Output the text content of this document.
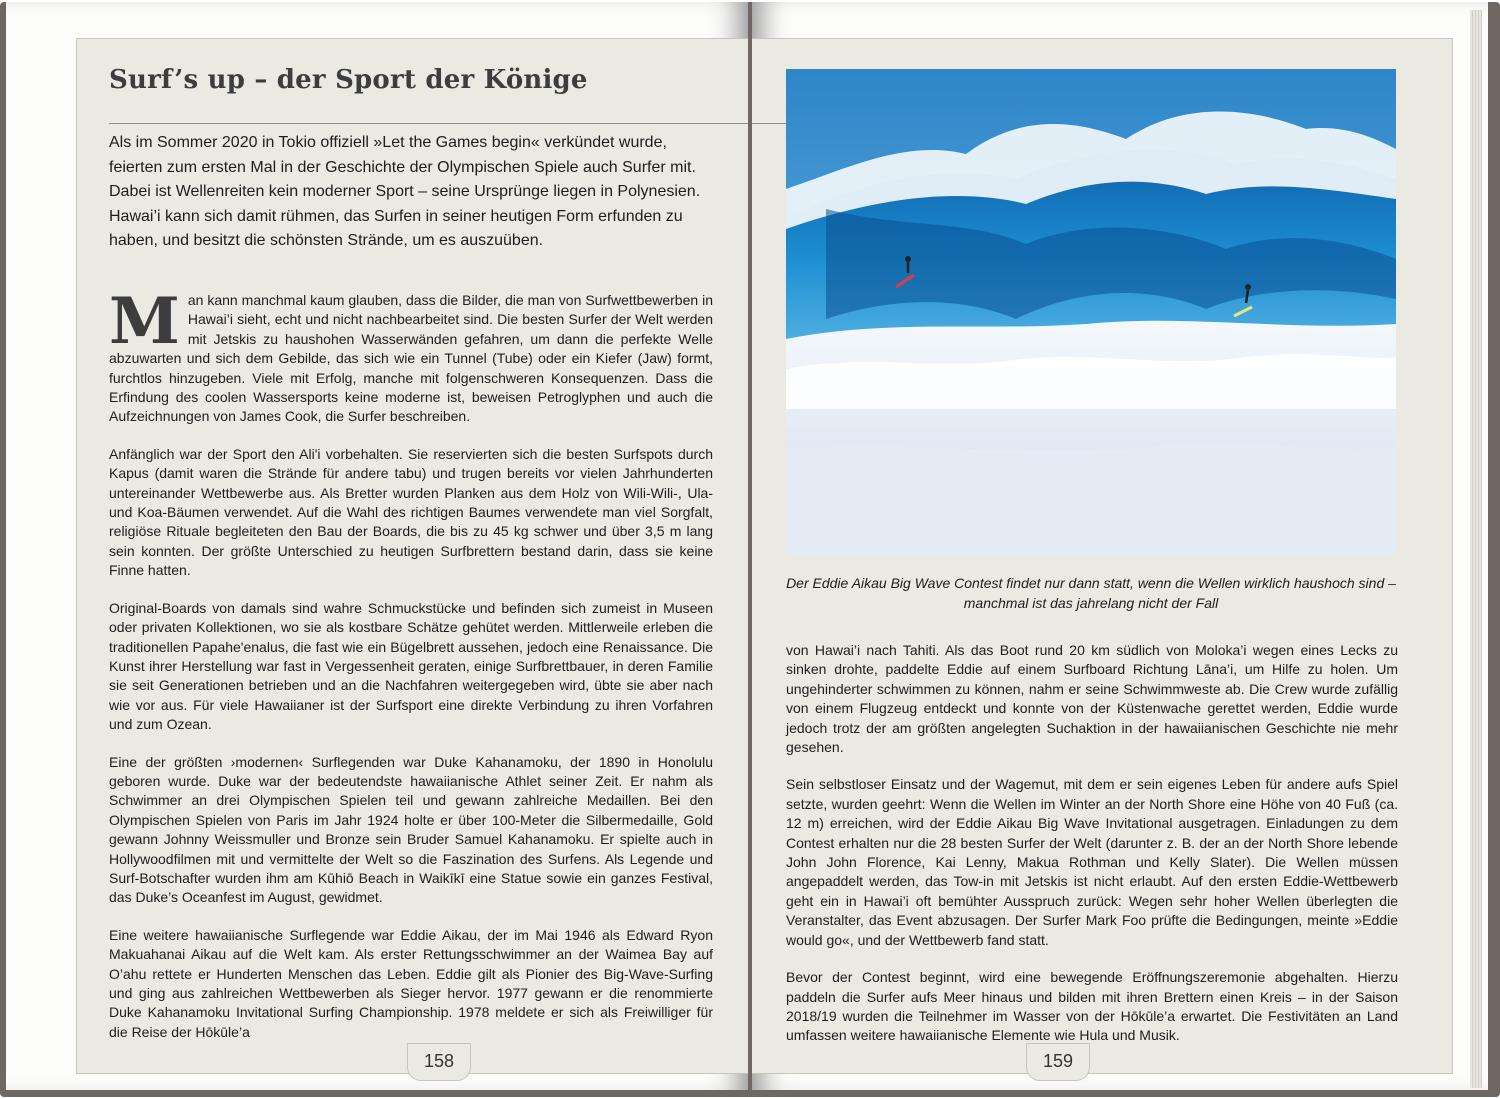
Surf’s up – der Sport der Könige

Als im Sommer 2020 in Tokio offiziell »Let the Games begin« verkündet wurde, feierten zum ersten Mal in der Geschichte der Olympischen Spiele auch Surfer mit. Dabei ist Wellenreiten kein moderner Sport – seine Ursprünge liegen in Polynesien. Hawai’i kann sich damit rühmen, das Surfen in seiner heutigen Form erfunden zu haben, und besitzt die schönsten Strände, um es auszuüben.

Man kann manchmal kaum glauben, dass die Bilder, die man von Surfwettbewerben in Hawai’i sieht, echt und nicht nachbearbeitet sind. Die besten Surfer der Welt werden mit Jetskis zu haushohen Wasserwänden gefahren, um dann die perfekte Welle abzuwarten und sich dem Gebilde, das sich wie ein Tunnel (Tube) oder ein Kiefer (Jaw) formt, furchtlos hinzugeben. Viele mit Erfolg, manche mit folgenschweren Konsequenzen. Dass die Erfindung des coolen Wassersports keine moderne ist, beweisen Petroglyphen und auch die Aufzeichnungen von James Cook, die Surfer beschreiben.

Anfänglich war der Sport den Ali'i vorbehalten. Sie reservierten sich die besten Surfspots durch Kapus (damit waren die Strände für andere tabu) und trugen bereits vor vielen Jahrhunderten untereinander Wettbewerbe aus. Als Bretter wurden Planken aus dem Holz von Wili-Wili-, Ula- und Koa-Bäumen verwendet. Auf die Wahl des richtigen Baumes verwendete man viel Sorgfalt, religiöse Rituale begleiteten den Bau der Boards, die bis zu 45 kg schwer und über 3,5 m lang sein konnten. Der größte Unterschied zu heutigen Surfbrettern bestand darin, dass sie keine Finne hatten.

Original-Boards von damals sind wahre Schmuckstücke und befinden sich zumeist in Museen oder privaten Kollektionen, wo sie als kostbare Schätze gehütet werden. Mittlerweile erleben die traditionellen Papahe'enalus, die fast wie ein Bügelbrett aussehen, jedoch eine Renaissance. Die Kunst ihrer Herstellung war fast in Vergessenheit geraten, einige Surfbrettbauer, in deren Familie sie seit Generationen betrieben und an die Nachfahren weitergegeben wird, übte sie aber nach wie vor aus. Für viele Hawaiianer ist der Surfsport eine direkte Verbindung zu ihren Vorfahren und zum Ozean.

Eine der größten ›modernen‹ Surflegenden war Duke Kahanamoku, der 1890 in Honolulu geboren wurde. Duke war der bedeutendste hawaiianische Athlet seiner Zeit. Er nahm als Schwimmer an drei Olympischen Spielen teil und gewann zahlreiche Medaillen. Bei den Olympischen Spielen von Paris im Jahr 1924 holte er über 100-Meter die Silbermedaille, Gold gewann Johnny Weissmuller und Bronze sein Bruder Samuel Kahanamoku. Er spielte auch in Hollywoodfilmen mit und vermittelte der Welt so die Faszination des Surfens. Als Legende und Surf-Botschafter wurden ihm am Kūhiō Beach in Waikīkī eine Statue sowie ein ganzes Festival, das Duke’s Oceanfest im August, gewidmet.

Eine weitere hawaiianische Surflegende war Eddie Aikau, der im Mai 1946 als Edward Ryon Makuahanai Aikau auf die Welt kam. Als erster Rettungsschwimmer an der Waimea Bay auf O’ahu rettete er Hunderten Menschen das Leben. Eddie gilt als Pionier des Big-Wave-Surfing und ging aus zahlreichen Wettbewerben als Sieger hervor. 1977 gewann er die renommierte Duke Kahanamoku Invitational Surfing Championship. 1978 meldete er sich als Freiwilliger für die Reise der Hōkūle’a

158

Der Eddie Aikau Big Wave Contest findet nur dann statt, wenn die Wellen wirklich haushoch sind – manchmal ist das jahrelang nicht der Fall

von Hawai’i nach Tahiti. Als das Boot rund 20 km südlich von Moloka’i wegen eines Lecks zu sinken drohte, paddelte Eddie auf einem Surfboard Richtung Lāna’i, um Hilfe zu holen. Um ungehinderter schwimmen zu können, nahm er seine Schwimmweste ab. Die Crew wurde zufällig von einem Flugzeug entdeckt und konnte von der Küstenwache gerettet werden, Eddie wurde jedoch trotz der am größten angelegten Suchaktion in der hawaiianischen Geschichte nie mehr gesehen.

Sein selbstloser Einsatz und der Wagemut, mit dem er sein eigenes Leben für andere aufs Spiel setzte, wurden geehrt: Wenn die Wellen im Winter an der North Shore eine Höhe von 40 Fuß (ca. 12 m) erreichen, wird der Eddie Aikau Big Wave Invitational ausgetragen. Einladungen zu dem Contest erhalten nur die 28 besten Surfer der Welt (darunter z. B. der an der North Shore lebende John John Florence, Kai Lenny, Makua Rothman und Kelly Slater). Die Wellen müssen angepaddelt werden, das Tow-in mit Jetskis ist nicht erlaubt. Auf den ersten Eddie-Wettbewerb geht ein in Hawai’i oft bemühter Ausspruch zurück: Wegen sehr hoher Wellen überlegten die Veranstalter, das Event abzusagen. Der Surfer Mark Foo prüfte die Bedingungen, meinte »Eddie would go«, und der Wettbewerb fand statt.

Bevor der Contest beginnt, wird eine bewegende Eröffnungszeremonie abgehalten. Hierzu paddeln die Surfer aufs Meer hinaus und bilden mit ihren Brettern einen Kreis – in der Saison 2018/19 wurden die Teilnehmer im Wasser von der Hōkūle’a erwartet. Die Festivitäten an Land umfassen weitere hawaiianische Elemente wie Hula und Musik.

159
